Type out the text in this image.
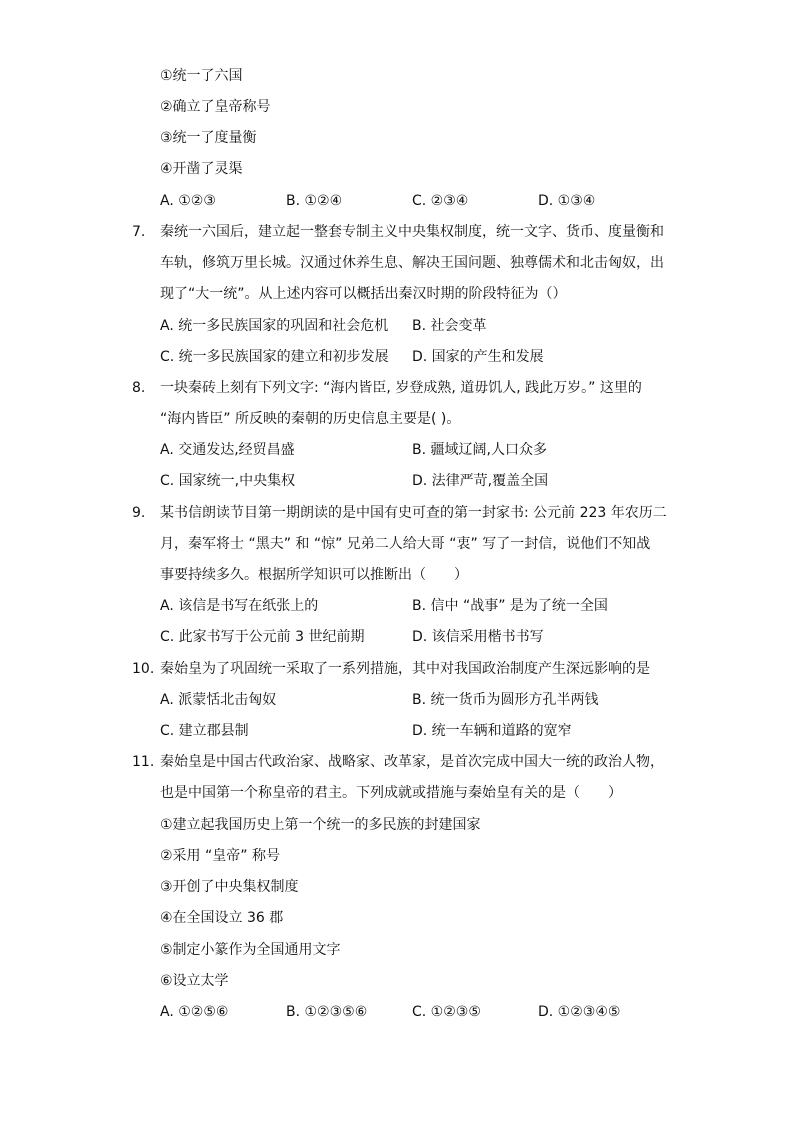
①统一了六国
②确立了皇帝称号
③统一了度量衡
④开凿了灵渠
A. ①②③	B. ①②④	C. ②③④	D. ①③④
7. 秦统一六国后，建立起一整套专制主义中央集权制度，统一文字、货币、度量衡和
车轨，修筑万里长城。汉通过休养生息、解决王国问题、独尊儒术和北击匈奴，出
现了“大一统”。从上述内容可以概括出秦汉时期的阶段特征为（）
A. 统一多民族国家的巩固和社会危机 B. 社会变革
C. 统一多民族国家的建立和初步发展 D. 国家的产生和发展
8. 一块秦砖上刻有下列文字: “海内皆臣, 岁登成熟, 道毋饥人, 践此万岁。” 这里的
“海内皆臣” 所反映的秦朝的历史信息主要是( )。
A. 交通发达,经贸昌盛	B. 疆域辽阔,人口众多
C. 国家统一,中央集权	D. 法律严苛,覆盖全国
9. 某书信朗读节目第一期朗读的是中国有史可查的第一封家书: 公元前 223 年农历二
月，秦军将士 “黑夫” 和 “惊” 兄弟二人给大哥 “衷” 写了一封信，说他们不知战
事要持续多久。根据所学知识可以推断出（　　）
A. 该信是书写在纸张上的	B. 信中 “战事” 是为了统一全国
C. 此家书写于公元前 3 世纪前期	D. 该信采用楷书书写
10. 秦始皇为了巩固统一采取了一系列措施，其中对我国政治制度产生深远影响的是
A. 派蒙恬北击匈奴	B. 统一货币为圆形方孔半两钱
C. 建立郡县制	D. 统一车辆和道路的宽窄
11. 秦始皇是中国古代政治家、战略家、改革家，是首次完成中国大一统的政治人物，
也是中国第一个称皇帝的君主。下列成就或措施与秦始皇有关的是（　　）
①建立起我国历史上第一个统一的多民族的封建国家
②采用 “皇帝” 称号
③开创了中央集权制度
④在全国设立 36 郡
⑤制定小篆作为全国通用文字
⑥设立太学
A. ①②⑤⑥	B. ①②③⑤⑥	C. ①②③⑤	D. ①②③④⑤
